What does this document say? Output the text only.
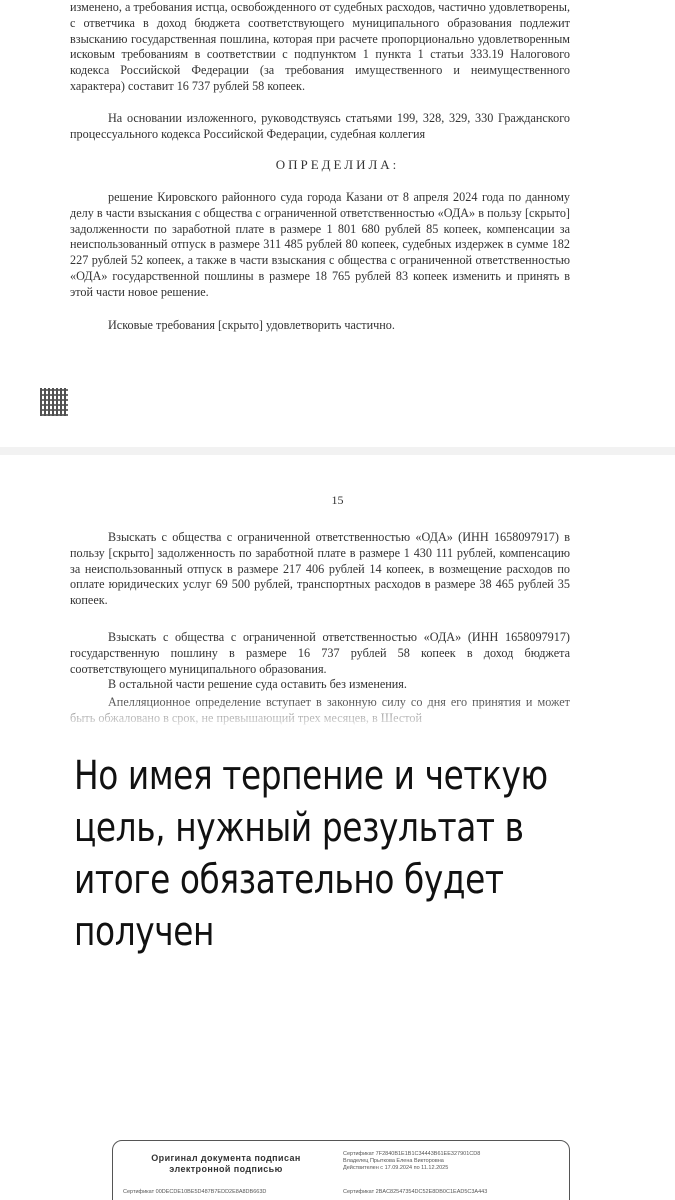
изменено, а требования истца, освобожденного от судебных расходов, частично удовлетворены, с ответчика в доход бюджета соответствующего муниципального образования подлежит взысканию государственная пошлина, которая при расчете пропорционально удовлетворенным исковым требованиям в соответствии с подпунктом 1 пункта 1 статьи 333.19 Налогового кодекса Российской Федерации (за требования имущественного и неимущественного характера) составит 16 737 рублей 58 копеек.

На основании изложенного, руководствуясь статьями 199, 328, 329, 330 Гражданского процессуального кодекса Российской Федерации, судебная коллегия

ОПРЕДЕЛИЛА:

решение Кировского районного суда города Казани от 8 апреля 2024 года по данному делу в части взыскания с общества с ограниченной ответственностью «ОДА» в пользу [скрыто] задолженности по заработной плате в размере 1 801 680 рублей 85 копеек, компенсации за неиспользованный отпуск в размере 311 485 рублей 80 копеек, судебных издержек в сумме 182 227 рублей 52 копеек, а также в части взыскания с общества с ограниченной ответственностью «ОДА» государственной пошлины в размере 18 765 рублей 83 копеек изменить и принять в этой части новое решение.

Исковые требования [скрыто] удовлетворить частично.

15

Взыскать с общества с ограниченной ответственностью «ОДА» (ИНН 1658097917) в пользу [скрыто] задолженность по заработной плате в размере 1 430 111 рублей, компенсацию за неиспользованный отпуск в размере 217 406 рублей 14 копеек, в возмещение расходов по оплате юридических услуг 69 500 рублей, транспортных расходов в размере 38 465 рублей 35 копеек.

Взыскать с общества с ограниченной ответственностью «ОДА» (ИНН 1658097917) государственную пошлину в размере 16 737 рублей 58 копеек в доход бюджета соответствующего муниципального образования.

В остальной части решение суда оставить без изменения.

Апелляционное определение вступает в законную силу со дня его принятия и может быть обжаловано в срок, не превышающий трех месяцев, в Шестой

Оригинал документа подписан электронной подписью
Сертификат 7F2840B1E1B1C34443B61EE327901CD8
Владелец Прыткова Елена Викторовна
Действителен с 17.09.2024 по 11.12.2025
Сертификат 00DECDE10BE5D487B7EDD2E8A8DB663D	Сертификат 2BAC82547354DC52E8DB0C1EAD5C3A443
Но имея терпение и четкую цель, нужный результат в итоге обязательно будет получен
